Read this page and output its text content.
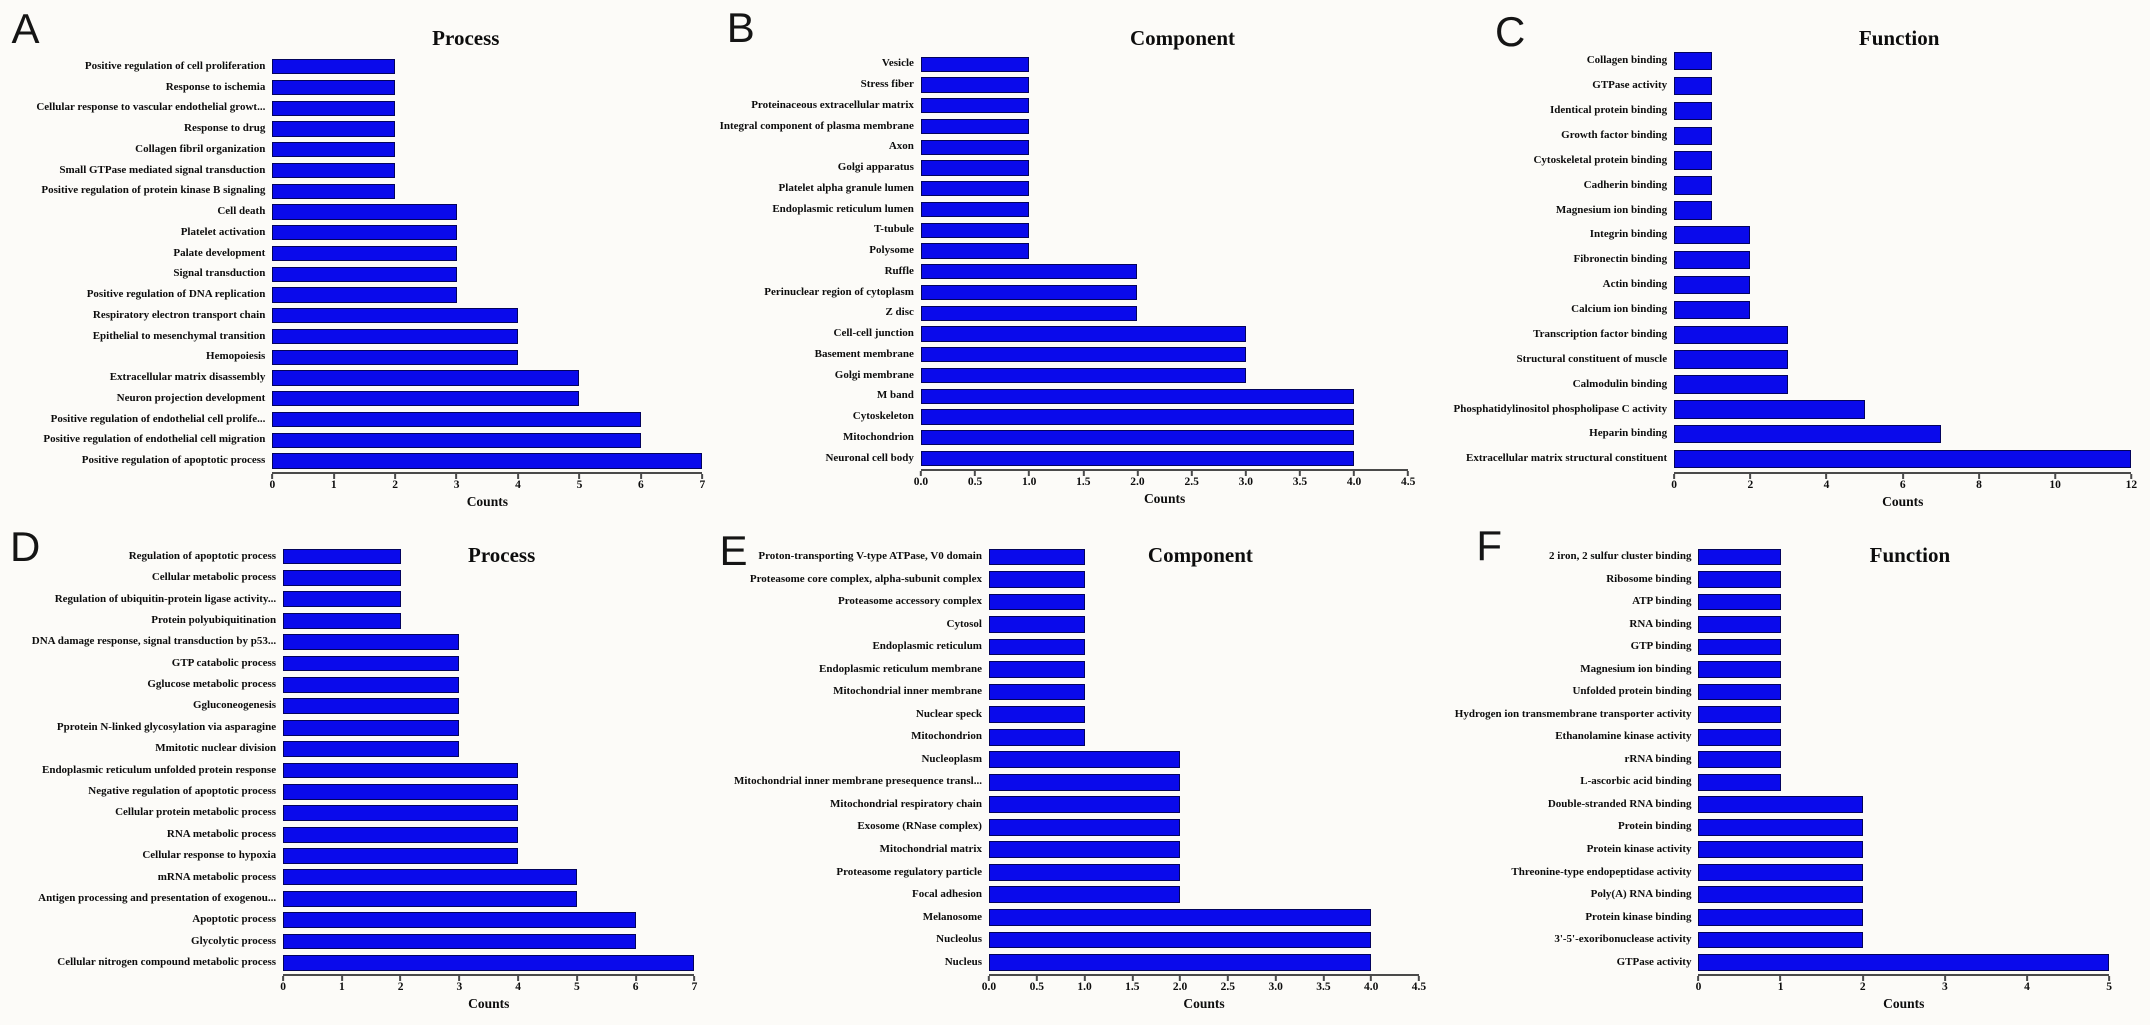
A	Process
Positive regulation of cell proliferation
Response to ischemia
Cellular response to vascular endothelial growt...
Response to drug
Collagen fibril organization
Small GTPase mediated signal transduction
Positive regulation of protein kinase B signaling
Cell death
Platelet activation
Palate development
Signal transduction
Positive regulation of DNA replication
Respiratory electron transport chain
Epithelial to mesenchymal transition
Hemopoiesis
Extracellular matrix disassembly
Neuron projection development
Positive regulation of endothelial cell prolife...
Positive regulation of endothelial cell migration
Positive regulation of apoptotic process
Counts
0	1	2	3	4	5	6	7
B	Component
Vesicle
Stress fiber
Proteinaceous extracellular matrix
Integral component of plasma membrane
Axon
Golgi apparatus
Platelet alpha granule lumen
Endoplasmic reticulum lumen
T-tubule
Polysome
Ruffle
Perinuclear region of cytoplasm
Z disc
Cell-cell junction
Basement membrane
Golgi membrane
M band
Cytoskeleton
Mitochondrion
Neuronal cell body
Counts
0.0	0.5	1.0	1.5	2.0	2.5	3.0	3.5	4.0	4.5
C	Function
Collagen binding
GTPase activity
Identical protein binding
Growth factor binding
Cytoskeletal protein binding
Cadherin binding
Magnesium ion binding
Integrin binding
Fibronectin binding
Actin binding
Calcium ion binding
Transcription factor binding
Structural constituent of muscle
Calmodulin binding
Phosphatidylinositol phospholipase C activity
Heparin binding
Extracellular matrix structural constituent
Counts
0	2	4	6	8	10	12
D	Process
Regulation of apoptotic process
Cellular metabolic process
Regulation of ubiquitin-protein ligase activity...
Protein polyubiquitination
DNA damage response, signal transduction by p53...
GTP catabolic process
Gglucose metabolic process
Ggluconeogenesis
Pprotein N-linked glycosylation via asparagine
Mmitotic nuclear division
Endoplasmic reticulum unfolded protein response
Negative regulation of apoptotic process
Cellular protein metabolic process
RNA metabolic process
Cellular response to hypoxia
mRNA metabolic process
Antigen processing and presentation of exogenou...
Apoptotic process
Glycolytic process
Cellular nitrogen compound metabolic process
Counts
0	1	2	3	4	5	6	7
E	Component
Proton-transporting V-type ATPase, V0 domain
Proteasome core complex, alpha-subunit complex
Proteasome accessory complex
Cytosol
Endoplasmic reticulum
Endoplasmic reticulum membrane
Mitochondrial inner membrane
Nuclear speck
Mitochondrion
Nucleoplasm
Mitochondrial inner membrane presequence transl...
Mitochondrial respiratory chain
Exosome (RNase complex)
Mitochondrial matrix
Proteasome regulatory particle
Focal adhesion
Melanosome
Nucleolus
Nucleus
Counts
0.0	0.5	1.0	1.5	2.0	2.5	3.0	3.5	4.0	4.5
F	Function
2 iron, 2 sulfur cluster binding
Ribosome binding
ATP binding
RNA binding
GTP binding
Magnesium ion binding
Unfolded protein binding
Hydrogen ion transmembrane transporter activity
Ethanolamine kinase activity
rRNA binding
L-ascorbic acid binding
Double-stranded RNA binding
Protein binding
Protein kinase activity
Threonine-type endopeptidase activity
Poly(A) RNA binding
Protein kinase binding
3'-5'-exoribonuclease activity
GTPase activity
Counts
0	1	2	3	4	5
